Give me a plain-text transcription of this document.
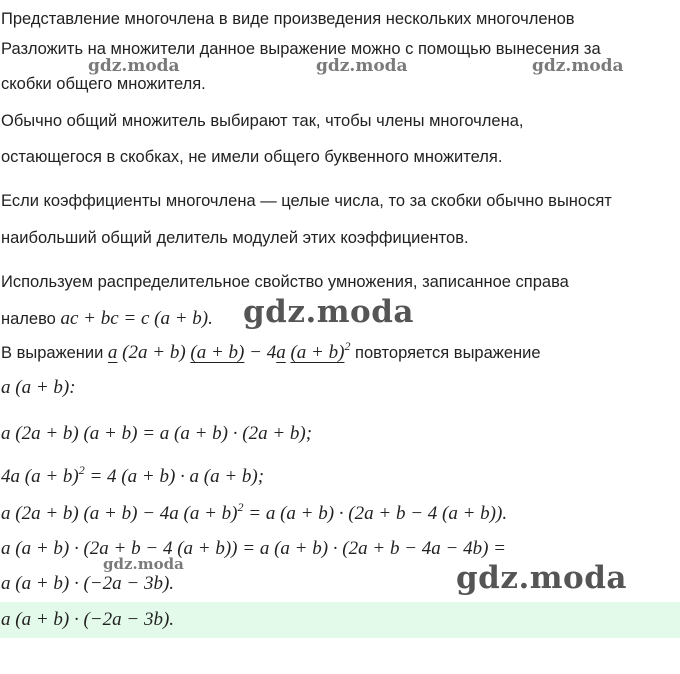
Представление многочлена в виде произведения нескольких многочленов
Разложить на множители данное выражение можно с помощью вынесения за
скобки общего множителя.
Обычно общий множитель выбирают так, чтобы члены многочлена,
остающегося в скобках, не имели общего буквенного множителя.
Если коэффициенты многочлена — целые числа, то за скобки обычно выносят
наибольший общий делитель модулей этих коэффициентов.
Используем распределительное свойство умножения, записанное справа
налево ac + bc = c (a + b).
В выражении a (2a + b) (a + b) − 4a $(a + b)^2$ повторяется выражение
a (a + b):
a (2a + b) (a + b) = a (a + b) · (2a + b);
4a $(a + b)^2 = 4$ (a + b) · a (a + b);
a (2a + b) (a + b) − 4a $(a + b)^2 = a$ (a + b) · (2a + b − 4 (a + b)).
a (a + b) · (2a + b − 4 (a + b)) = a (a + b) · (2a + b − 4a − 4b) =
a (a + b) · (−2a − 3b).
a (a + b) · (−2a − 3b).
gdz.moda	gdz.moda	gdz.moda
gdz.moda
gdz.moda
gdz.moda
